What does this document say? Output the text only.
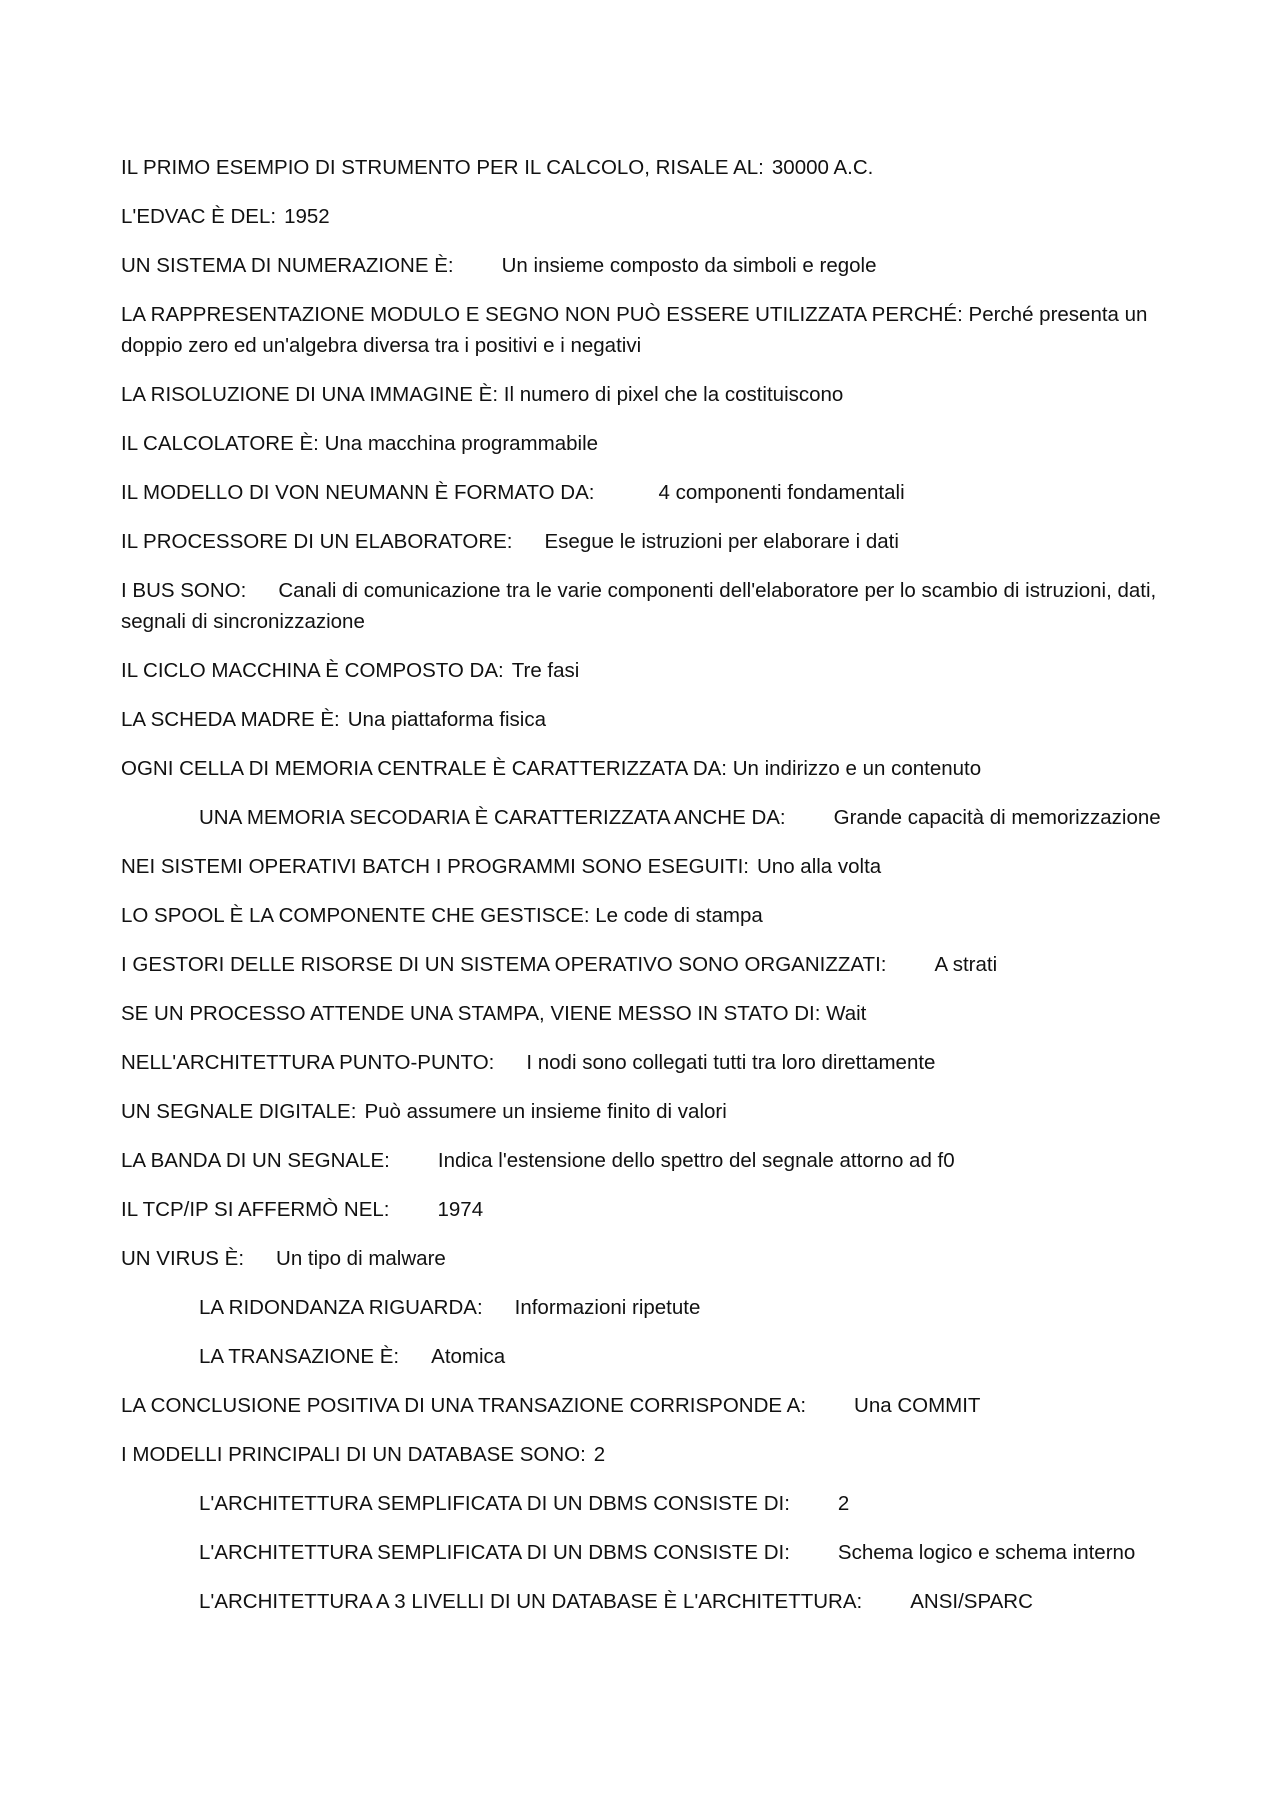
IL PRIMO ESEMPIO DI STRUMENTO PER IL CALCOLO, RISALE AL: 30000 A.C.

L'EDVAC È DEL: 1952

UN SISTEMA DI NUMERAZIONE È: Un insieme composto da simboli e regole

LA RAPPRESENTAZIONE MODULO E SEGNO NON PUÒ ESSERE UTILIZZATA PERCHÉ: Perché presenta un doppio zero ed un'algebra diversa tra i positivi e i negativi

LA RISOLUZIONE DI UNA IMMAGINE È: Il numero di pixel che la costituiscono

IL CALCOLATORE È: Una macchina programmabile

IL MODELLO DI VON NEUMANN È FORMATO DA:	4 componenti fondamentali

IL PROCESSORE DI UN ELABORATORE: Esegue le istruzioni per elaborare i dati

I BUS SONO: Canali di comunicazione tra le varie componenti dell'elaboratore per lo scambio di istruzioni, dati, segnali di sincronizzazione

IL CICLO MACCHINA È COMPOSTO DA: Tre fasi

LA SCHEDA MADRE È: Una piattaforma fisica

OGNI CELLA DI MEMORIA CENTRALE È CARATTERIZZATA DA: Un indirizzo e un contenuto

UNA MEMORIA SECODARIA È CARATTERIZZATA ANCHE DA: Grande capacità di memorizzazione

NEI SISTEMI OPERATIVI BATCH I PROGRAMMI SONO ESEGUITI: Uno alla volta

LO SPOOL È LA COMPONENTE CHE GESTISCE: Le code di stampa

I GESTORI DELLE RISORSE DI UN SISTEMA OPERATIVO SONO ORGANIZZATI: A strati

SE UN PROCESSO ATTENDE UNA STAMPA, VIENE MESSO IN STATO DI: Wait

NELL'ARCHITETTURA PUNTO-PUNTO: I nodi sono collegati tutti tra loro direttamente

UN SEGNALE DIGITALE: Può assumere un insieme finito di valori

LA BANDA DI UN SEGNALE: Indica l'estensione dello spettro del segnale attorno ad f0

IL TCP/IP SI AFFERMÒ NEL: 1974

UN VIRUS È: Un tipo di malware

LA RIDONDANZA RIGUARDA: Informazioni ripetute

LA TRANSAZIONE È: Atomica

LA CONCLUSIONE POSITIVA DI UNA TRANSAZIONE CORRISPONDE A: Una COMMIT

I MODELLI PRINCIPALI DI UN DATABASE SONO: 2

L'ARCHITETTURA SEMPLIFICATA DI UN DBMS CONSISTE DI: 2

L'ARCHITETTURA SEMPLIFICATA DI UN DBMS CONSISTE DI: Schema logico e schema interno

L'ARCHITETTURA A 3 LIVELLI DI UN DATABASE È L'ARCHITETTURA: ANSI/SPARC
